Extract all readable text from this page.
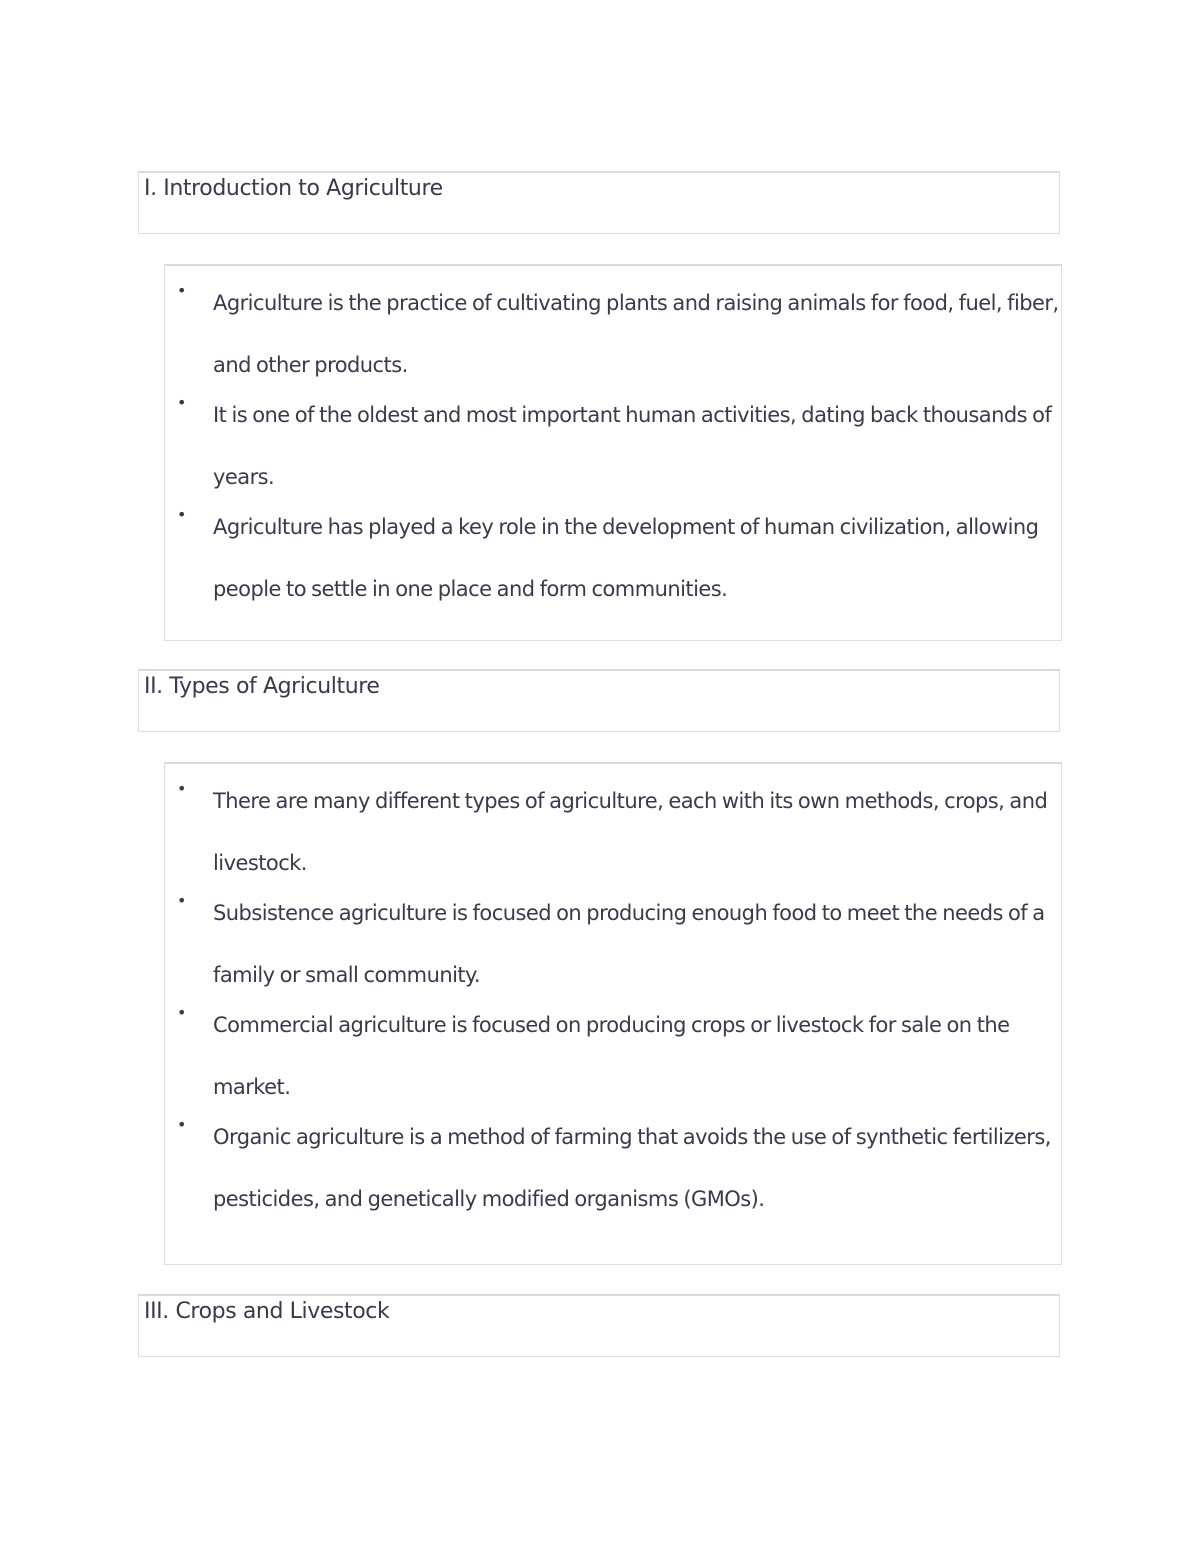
I. Introduction to Agriculture
•
Agriculture is the practice of cultivating plants and raising animals for food, fuel, fiber, and other products.
•
It is one of the oldest and most important human activities, dating back thousands of years.
•
Agriculture has played a key role in the development of human civilization, allowing people to settle in one place and form communities.
II. Types of Agriculture
•
There are many different types of agriculture, each with its own methods, crops, and livestock.
•
Subsistence agriculture is focused on producing enough food to meet the needs of a family or small community.
•
Commercial agriculture is focused on producing crops or livestock for sale on the market.
•
Organic agriculture is a method of farming that avoids the use of synthetic fertilizers, pesticides, and genetically modified organisms (GMOs).
III. Crops and Livestock
